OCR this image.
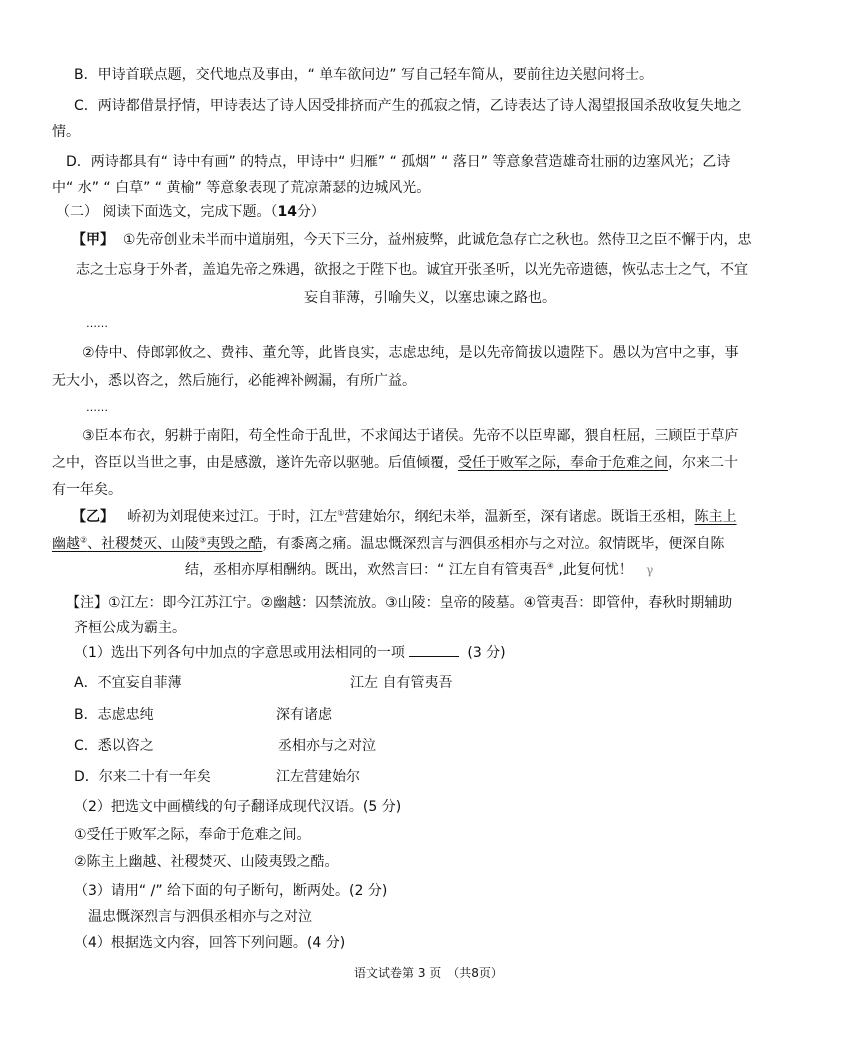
B．甲诗首联点题，交代地点及事由，“ 单车欲问边” 写自己轻车简从，要前往边关慰问将士。
C．两诗都借景抒情，甲诗表达了诗人因受排挤而产生的孤寂之情，乙诗表达了诗人渴望报国杀敌收复失地之
情。
D．两诗都具有“ 诗中有画” 的特点，甲诗中“ 归雁” “ 孤烟” “ 落日” 等意象营造雄奇壮丽的边塞风光；乙诗
中“ 水” “ 白草” “ 黄榆” 等意象表现了荒凉萧瑟的边城风光。
（二） 阅读下面选文，完成下题。（14分）
【甲】 ①先帝创业未半而中道崩殂，今天下三分，益州疲弊，此诚危急存亡之秋也。然侍卫之臣不懈于内，忠
志之士忘身于外者，盖追先帝之殊遇，欲报之于陛下也。诚宜开张圣听，以光先帝遗德，恢弘志士之气，不宜
妄自菲薄，引喻失义，以塞忠谏之路也。
……
②侍中、侍郎郭攸之、费祎、董允等，此皆良实，志虑忠纯，是以先帝简拔以遗陛下。愚以为宫中之事，事
无大小，悉以咨之，然后施行，必能裨补阙漏，有所广益。
……
③臣本布衣，躬耕于南阳，苟全性命于乱世，不求闻达于诸侯。先帝不以臣卑鄙，猥自枉屈，三顾臣于草庐
之中，咨臣以当世之事，由是感激，遂许先帝以驱驰。后值倾覆，受任于败军之际，奉命于危难之间，尔来二十
有一年矣。
【乙】 峤初为刘琨使来过江。于时，江左①营建始尔，纲纪未举，温新至，深有诸虑。既诣王丞相，陈主上
幽越②、社稷焚灭、山陵③夷毁之酷，有黍离之痛。温忠慨深烈言与泗俱丞相亦与之对泣。叙情既毕，便深自陈
结，丞相亦厚相酬纳。既出，欢然言曰：“ 江左自有管夷吾④ ,此复何忧！ γ
【注】①江左：即今江苏江宁。②幽越：囚禁流放。③山陵：皇帝的陵墓。④管夷吾：即管仲，春秋时期辅助
齐桓公成为霸主。
（1）选出下列各句中加点的字意思或用法相同的一项	(3 分)
A．不宜妄自菲薄	江左 自有管夷吾
B．志虑忠纯	深有诸虑
C．悉以咨之	丞相亦与之对泣
D．尔来二十有一年矣	江左营建始尔
（2）把选文中画横线的句子翻译成现代汉语。(5 分)
①受任于败军之际，奉命于危难之间。
②陈主上幽越、社稷焚灭、山陵夷毁之酷。
（3）请用“ /” 给下面的句子断句，断两处。(2 分)
温忠慨深烈言与泗俱丞相亦与之对泣
（4）根据选文内容，回答下列问题。(4 分)
语文试卷第 3 页　（共8页）
